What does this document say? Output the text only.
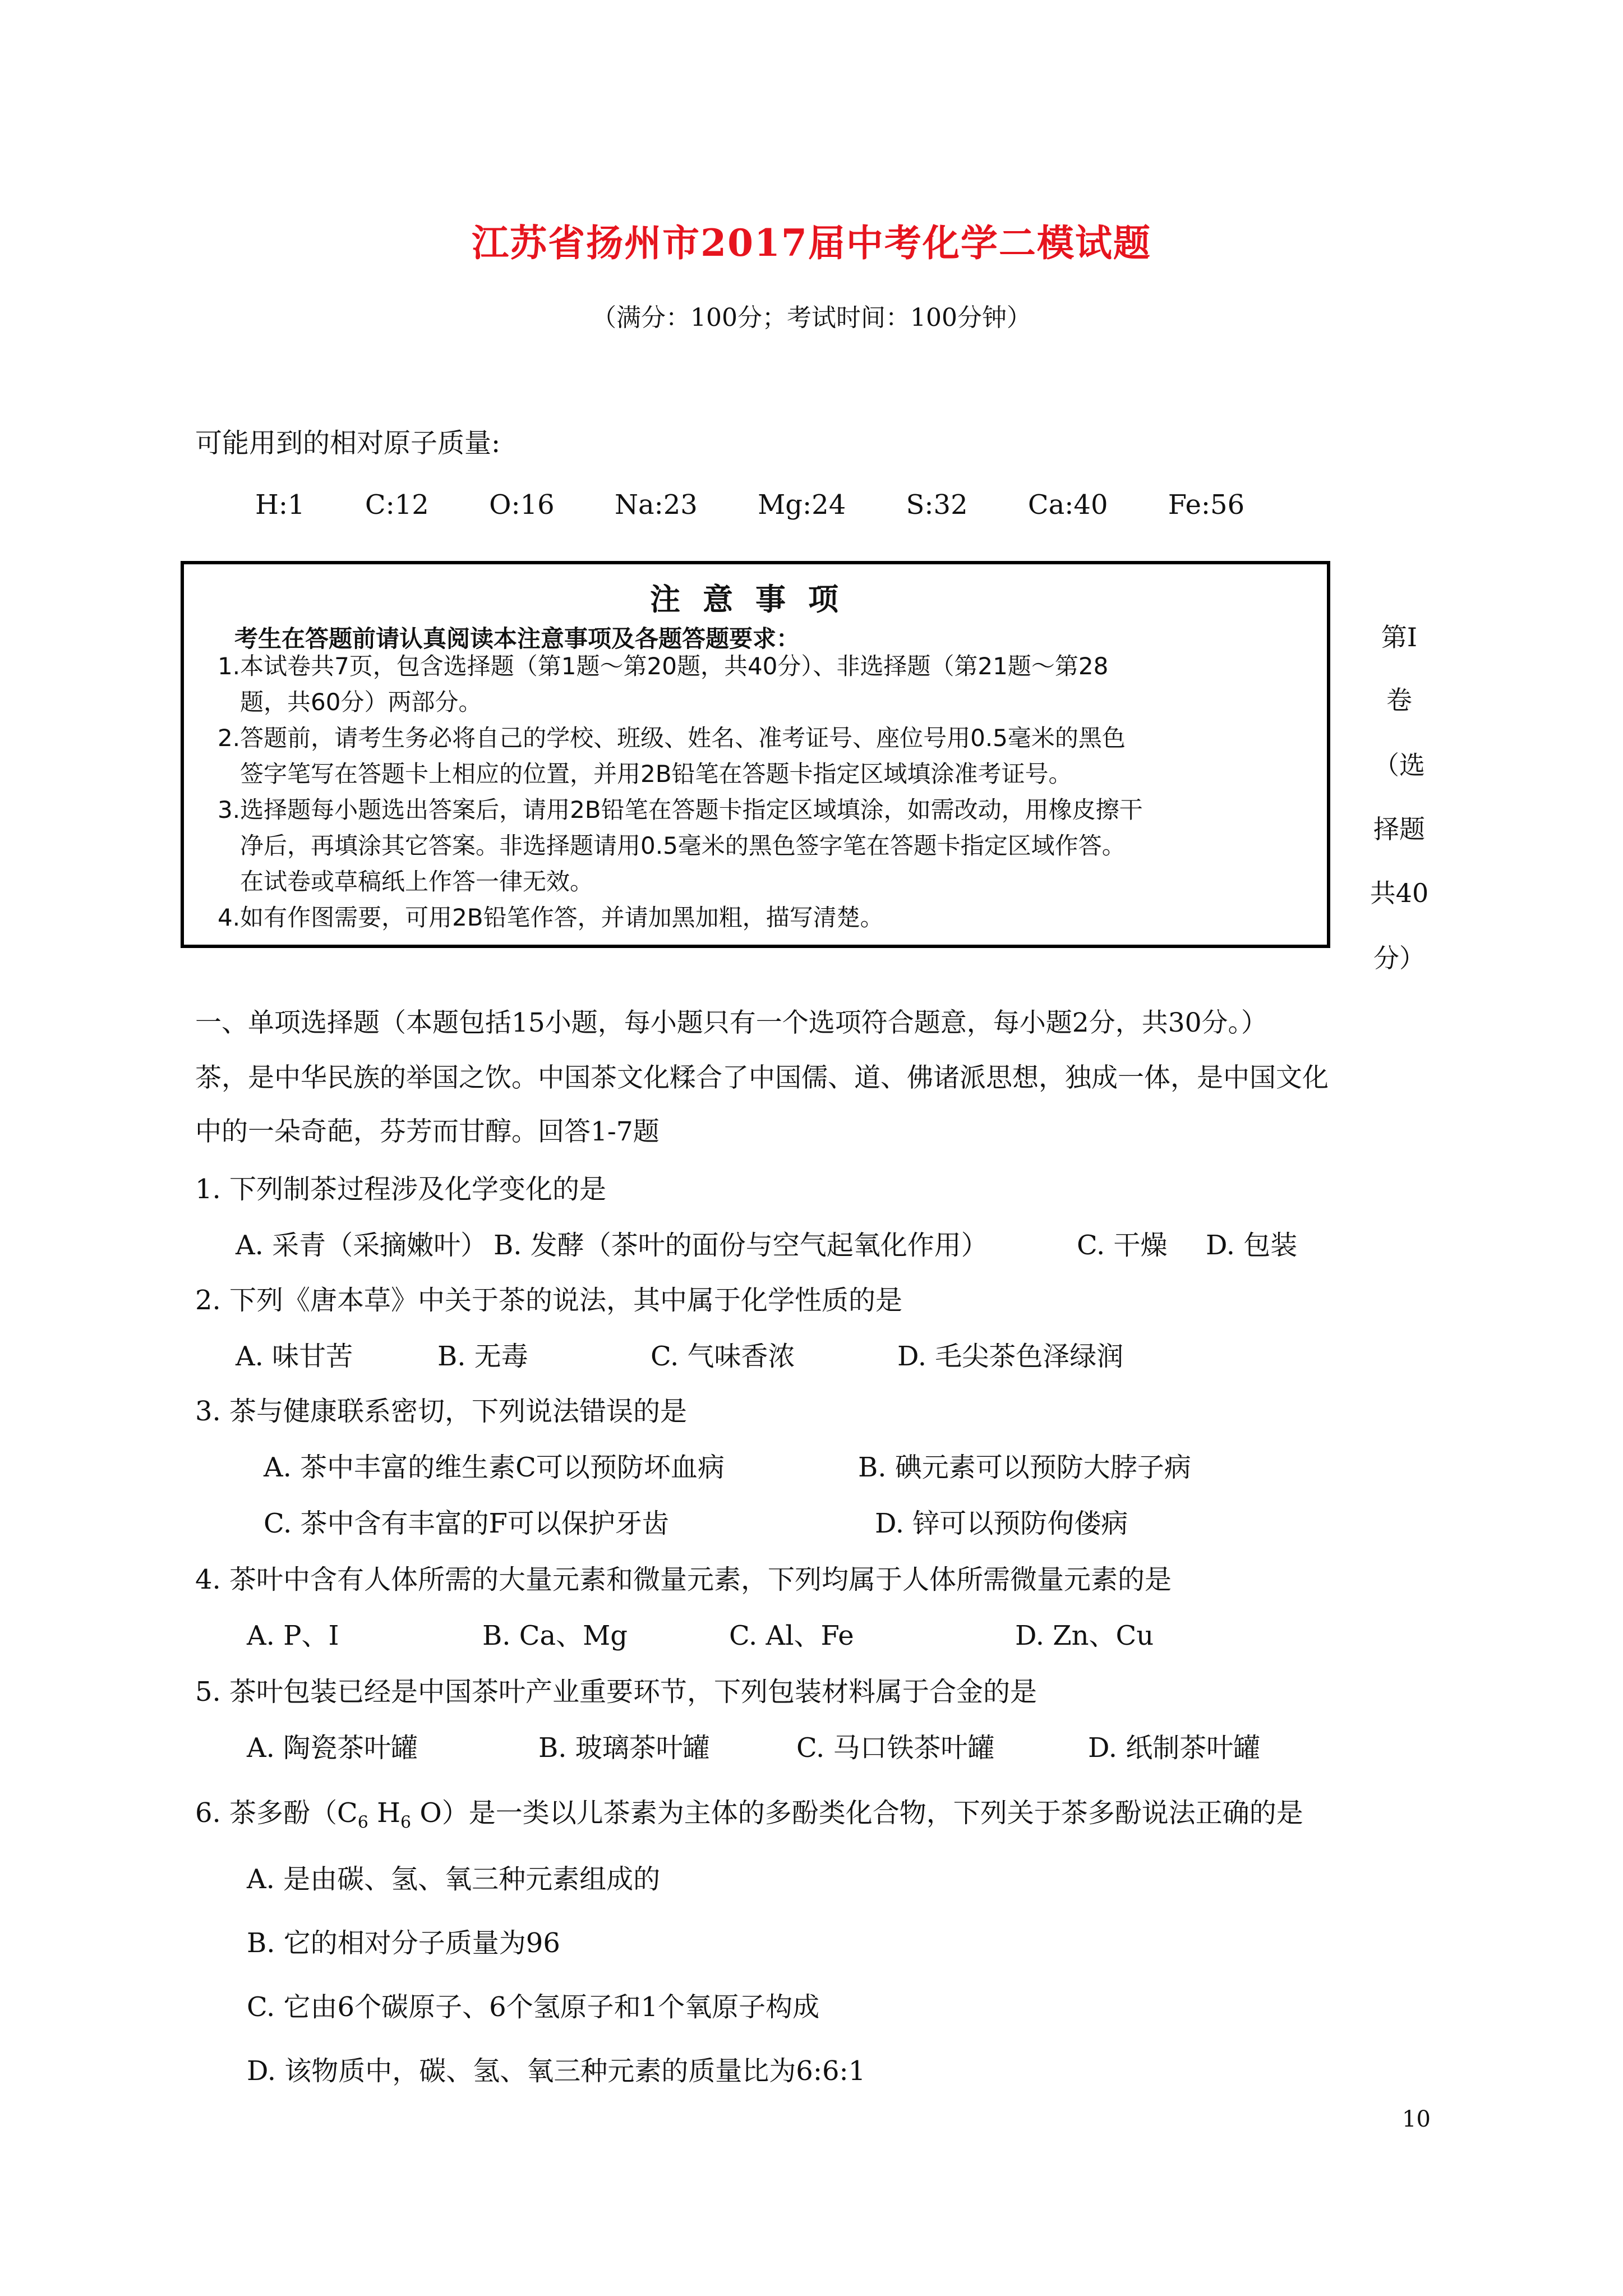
江苏省扬州市2017届中考化学二模试题
（满分：100分；考试时间：100分钟）
可能用到的相对原子质量:
H:1 C:12 O:16 Na:23 Mg:24 S:32 Ca:40 Fe:56
注意事项
考生在答题前请认真阅读本注意事项及各题答题要求：
1.本试卷共7页，包含选择题（第1题～第20题，共40分）、非选择题（第21题～第28
题，共60分）两部分。
2.答题前，请考生务必将自己的学校、班级、姓名、准考证号、座位号用0.5毫米的黑色
签字笔写在答题卡上相应的位置，并用2B铅笔在答题卡指定区域填涂准考证号。
3.选择题每小题选出答案后，请用2B铅笔在答题卡指定区域填涂，如需改动，用橡皮擦干
净后，再填涂其它答案。非选择题请用0.5毫米的黑色签字笔在答题卡指定区域作答。
在试卷或草稿纸上作答一律无效。
4.如有作图需要，可用2B铅笔作答，并请加黑加粗，描写清楚。
第Ⅰ
卷
（选
择题
共40
分）
一、单项选择题（本题包括15小题，每小题只有一个选项符合题意，每小题2分，共30分。）
茶，是中华民族的举国之饮。中国茶文化糅合了中国儒、道、佛诸派思想，独成一体，是中国文化
中的一朵奇葩，芬芳而甘醇。回答1-7题
1. 下列制茶过程涉及化学变化的是
A. 采青（采摘嫩叶） B. 发酵（茶叶的面份与空气起氧化作用）	C. 干燥 D. 包装
2. 下列《唐本草》中关于茶的说法，其中属于化学性质的是
A. 味甘苦	B. 无毒	C. 气味香浓	D. 毛尖茶色泽绿润
3. 茶与健康联系密切，下列说法错误的是
A. 茶中丰富的维生素C可以预防坏血病	B. 碘元素可以预防大脖子病
C. 茶中含有丰富的F可以保护牙齿	D. 锌可以预防佝偻病
4. 茶叶中含有人体所需的大量元素和微量元素，下列均属于人体所需微量元素的是
A. P、I	B. Ca、Mg	C. Al、Fe	D. Zn、Cu
5. 茶叶包装已经是中国茶叶产业重要环节，下列包装材料属于合金的是
A. 陶瓷茶叶罐	B. 玻璃茶叶罐	C. 马口铁茶叶罐	D. 纸制茶叶罐
6. 茶多酚（$C_6$ $H_6$ O）是一类以儿茶素为主体的多酚类化合物，下列关于茶多酚说法正确的是
A. 是由碳、氢、氧三种元素组成的
B. 它的相对分子质量为96
C. 它由6个碳原子、6个氢原子和1个氧原子构成
D. 该物质中，碳、氢、氧三种元素的质量比为6:6:1
10
